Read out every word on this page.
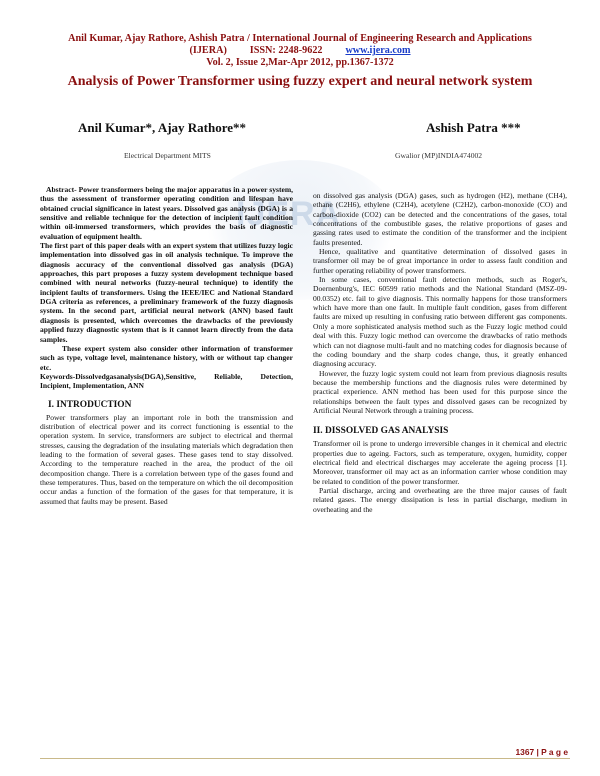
Anil Kumar, Ajay Rathore, Ashish Patra / International Journal of Engineering Research and Applications
(IJERA) ISSN: 2248-9622 www.ijera.com
Vol. 2, Issue 2,Mar-Apr 2012, pp.1367-1372
Analysis of Power Transformer using fuzzy expert and neural network system
Anil Kumar*, Ajay Rathore**	Ashish Patra ***
Electrical Department MITS	Gwalior (MP)INDIA474002
IJERA

Abstract- Power transformers being the major apparatus in a power system, thus the assessment of transformer operating condition and lifespan have obtained crucial significance in latest years. Dissolved gas analysis (DGA) is a sensitive and reliable technique for the detection of incipient fault condition within oil-immersed transformers, which provides the basis of diagnostic evaluation of equipment health.

The first part of this paper deals with an expert system that utilizes fuzzy logic implementation into dissolved gas in oil analysis technique. To improve the diagnosis accuracy of the conventional dissolved gas analysis (DGA) approaches, this part proposes a fuzzy system development technique based combined with neural networks (fuzzy-neural technique) to identify the incipient faults of transformers. Using the IEEE/IEC and National Standard DGA criteria as references, a preliminary framework of the fuzzy diagnosis system. In the second part, artificial neural network (ANN) based fault diagnosis is presented, which overcomes the drawbacks of the previously applied fuzzy diagnostic system that is it cannot learn directly from the data samples.

These expert system also consider other information of transformer such as type, voltage level, maintenance history, with or without tap changer etc.

Keywords-Dissolvedgasanalysis(DGA),Sensitive, Reliable, Detection, Incipient, Implementation, ANN

I. INTRODUCTION

Power transformers play an important role in both the transmission and distribution of electrical power and its correct functioning is essential to the operation system. In service, transformers are subject to electrical and thermal stresses, causing the degradation of the insulating materials which degradation then leading to the formation of several gases. These gases tend to stay dissolved. According to the temperature reached in the area, the product of the oil decomposition change. There is a correlation between type of the gases found and these temperatures. Thus, based on the temperature on which the oil decomposition occur andas a function of the formation of the gases for that temperature, it is assumed that faults may be present. Based

on dissolved gas analysis (DGA) gases, such as hydrogen (H2), methane (CH4), ethane (C2H6), ethylene (C2H4), acetylene (C2H2), carbon-monoxide (CO) and carbon-dioxide (CO2) can be detected and the concentrations of the gases, total concentrations of the combustible gases, the relative proportions of gases and gassing rates used to estimate the condition of the transformer and the incipient faults presented.

Hence, qualitative and quantitative determination of dissolved gases in transformer oil may be of great importance in order to assess fault condition and further operating reliability of power transformers.

In some cases, conventional fault detection methods, such as Roger's, Doernenburg's, IEC 60599 ratio methods and the National Standard (MSZ-09-00.0352) etc. fail to give diagnosis. This normally happens for those transformers which have more than one fault. In multiple fault condition, gases from different faults are mixed up resulting in confusing ratio between different gas components. Only a more sophisticated analysis method such as the Fuzzy logic method could deal with this. Fuzzy logic method can overcome the drawbacks of ratio methods which can not diagnose multi-fault and no matching codes for diagnosis because of the coding boundary and the sharp codes change, thus, it greatly enhanced diagnosing accuracy.

However, the fuzzy logic system could not learn from previous diagnosis results because the membership functions and the diagnosis rules were determined by practical experience. ANN method has been used for this purpose since the relationships between the fault types and dissolved gases can be recognized by Artificial Neural Network through a training process.

II. DISSOLVED GAS ANALYSIS

Transformer oil is prone to undergo irreversible changes in it chemical and electric properties due to ageing. Factors, such as temperature, oxygen, humidity, copper electrical field and electrical discharges may accelerate the ageing process [1]. Moreover, transformer oil may act as an information carrier whose condition may be related to condition of the power transformer.

Partial discharge, arcing and overheating are the three major causes of fault related gases. The energy dissipation is less in partial discharge, medium in overheating and the

1367 | P a g e
